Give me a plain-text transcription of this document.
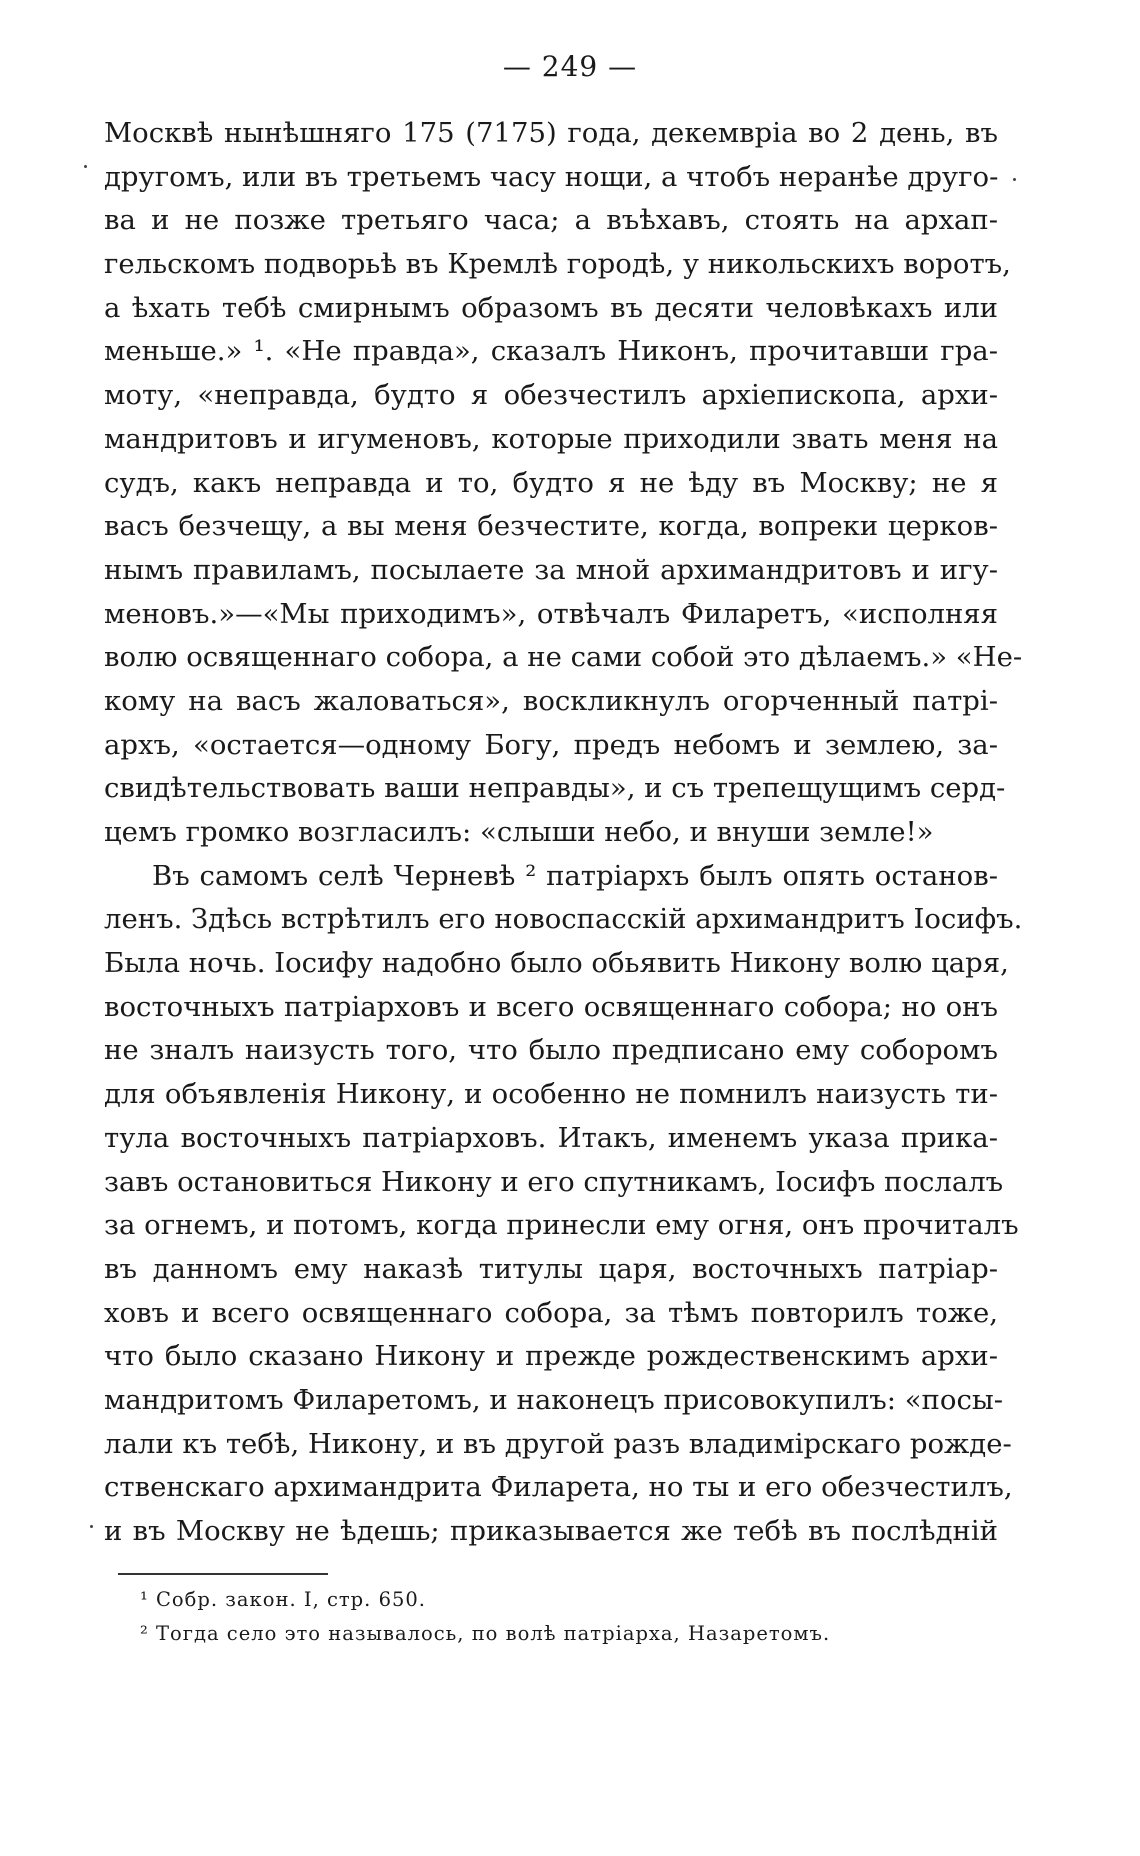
— 249 —
Москвѣ нынѣшняго 175 (7175) года, декемвріа во 2 день, въ
другомъ, или въ третьемъ часу нощи, а чтобъ неранѣе друго-
ва и не позже третьяго часа; а въѣхавъ, стоять на архап-
гельскомъ подворьѣ въ Кремлѣ городѣ, у никольскихъ воротъ,
а ѣхать тебѣ смирнымъ образомъ въ десяти человѣкахъ или
меньше.» ¹. «Не правда», сказалъ Никонъ, прочитавши гра-
моту, «неправда, будто я обезчестилъ архіепископа, архи-
мандритовъ и игуменовъ, которые приходили звать меня на
судъ, какъ неправда и то, будто я не ѣду въ Москву; не я
васъ безчещу, а вы меня безчестите, когда, вопреки церков-
нымъ правиламъ, посылаете за мной архимандритовъ и игу-
меновъ.»—«Мы приходимъ», отвѣчалъ Филаретъ, «исполняя
волю освященнаго собора, а не сами собой это дѣлаемъ.» «Не-
кому на васъ жаловаться», воскликнулъ огорченный патрі-
архъ, «остается—одному Богу, предъ небомъ и землею, за-
свидѣтельствовать ваши неправды», и съ трепещущимъ серд-
цемъ громко возгласилъ: «слыши небо, и внуши земле!»
Въ самомъ селѣ Черневѣ ² патріархъ былъ опять останов-
ленъ. Здѣсь встрѣтилъ его новоспасскій архимандритъ Іосифъ.
Была ночь. Іосифу надобно было обьявить Никону волю царя,
восточныхъ патріарховъ и всего освященнаго собора; но онъ
не зналъ наизусть того, что было предписано ему соборомъ
для объявленія Никону, и особенно не помнилъ наизусть ти-
тула восточныхъ патріарховъ. Итакъ, именемъ указа прика-
завъ остановиться Никону и его спутникамъ, Іосифъ послалъ
за огнемъ, и потомъ, когда принесли ему огня, онъ прочиталъ
въ данномъ ему наказѣ титулы царя, восточныхъ патріар-
ховъ и всего освященнаго собора, за тѣмъ повторилъ тоже,
что было сказано Никону и прежде рождественскимъ архи-
мандритомъ Филаретомъ, и наконецъ присовокупилъ: «посы-
лали къ тебѣ, Никону, и въ другой разъ владимірскаго рожде-
ственскаго архимандрита Филарета, но ты и его обезчестилъ,
и въ Москву не ѣдешь; приказывается же тебѣ въ послѣдній
¹ Собр. закон. I, стр. 650.
² Тогда село это называлось, по волѣ патріарха, Назаретомъ.
